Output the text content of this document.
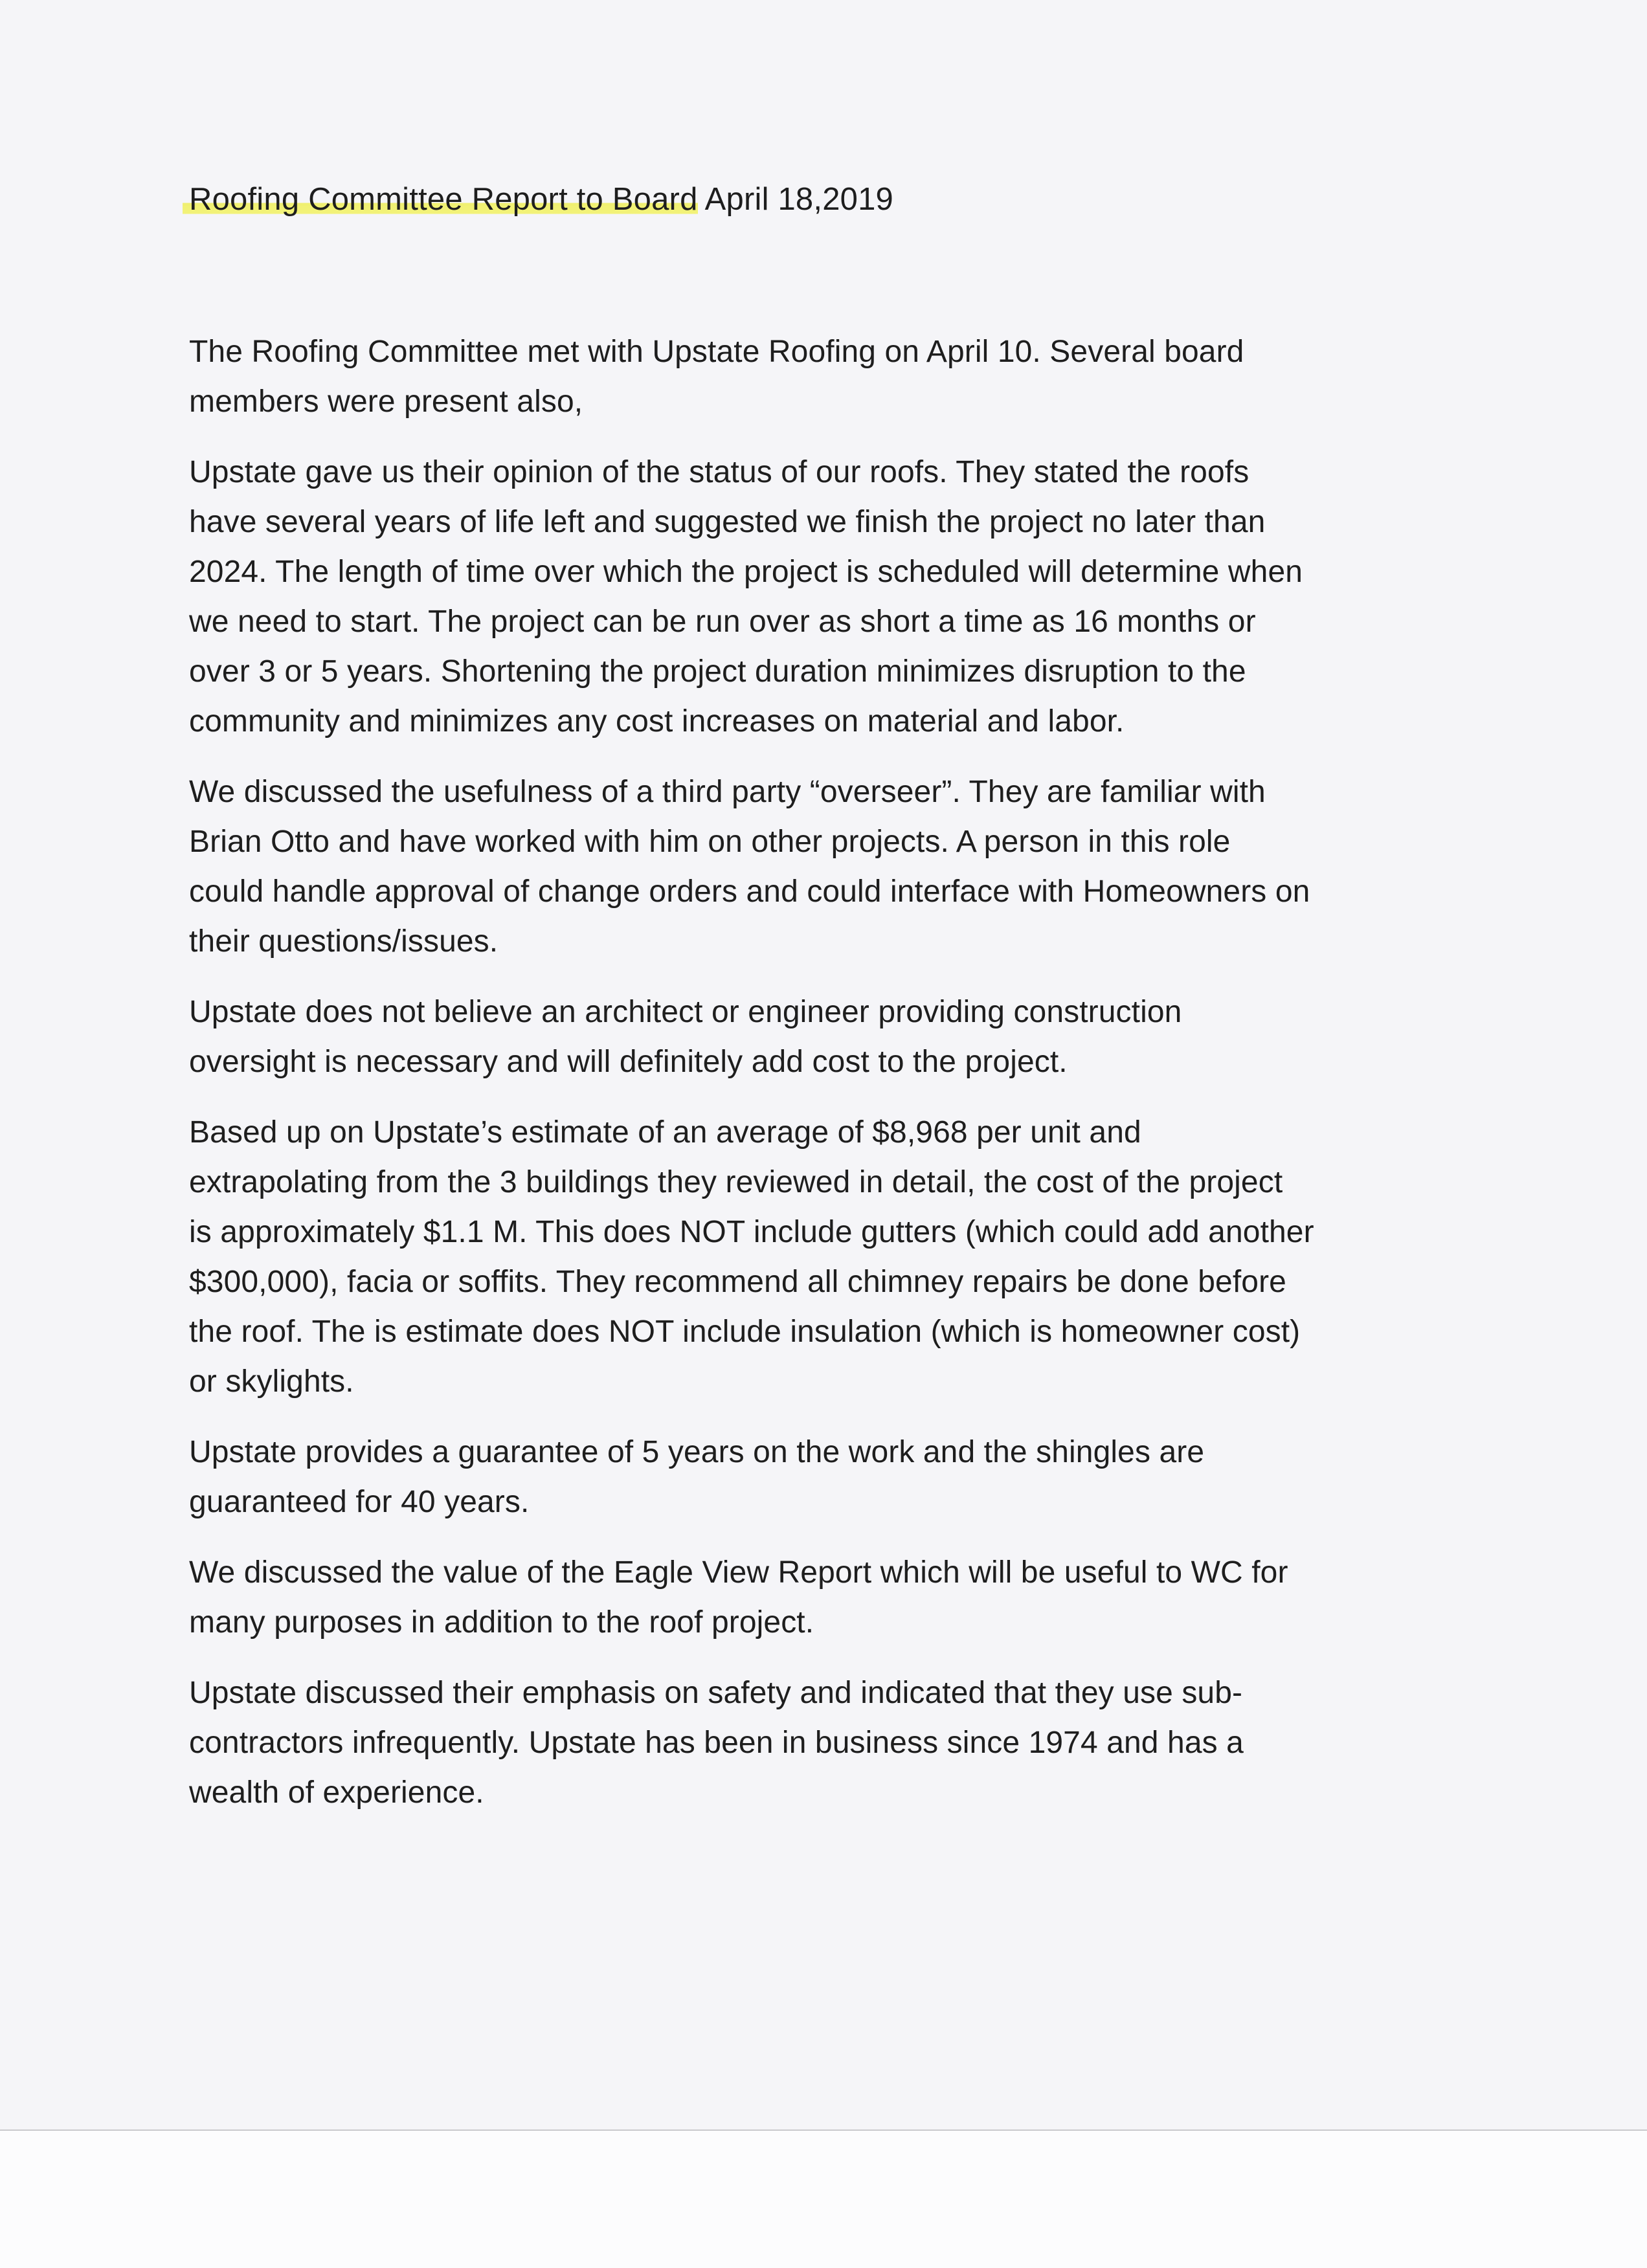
Roofing Committee Report to Board April 18,2019
The Roofing Committee met with Upstate Roofing on April 10. Several board
members were present also,
Upstate gave us their opinion of the status of our roofs. They stated the roofs
have several years of life left and suggested we finish the project no later than
2024. The length of time over which the project is scheduled will determine when
we need to start. The project can be run over as short a time as 16 months or
over 3 or 5 years. Shortening the project duration minimizes disruption to the
community and minimizes any cost increases on material and labor.
We discussed the usefulness of a third party “overseer”. They are familiar with
Brian Otto and have worked with him on other projects. A person in this role
could handle approval of change orders and could interface with Homeowners on
their questions/issues.
Upstate does not believe an architect or engineer providing construction
oversight is necessary and will definitely add cost to the project.
Based up on Upstate’s estimate of an average of $8,968 per unit and
extrapolating from the 3 buildings they reviewed in detail, the cost of the project
is approximately $1.1 M. This does NOT include gutters (which could add another
$300,000), facia or soffits. They recommend all chimney repairs be done before
the roof. The is estimate does NOT include insulation (which is homeowner cost)
or skylights.
Upstate provides a guarantee of 5 years on the work and the shingles are
guaranteed for 40 years.
We discussed the value of the Eagle View Report which will be useful to WC for
many purposes in addition to the roof project.
Upstate discussed their emphasis on safety and indicated that they use sub-
contractors infrequently. Upstate has been in business since 1974 and has a
wealth of experience.
